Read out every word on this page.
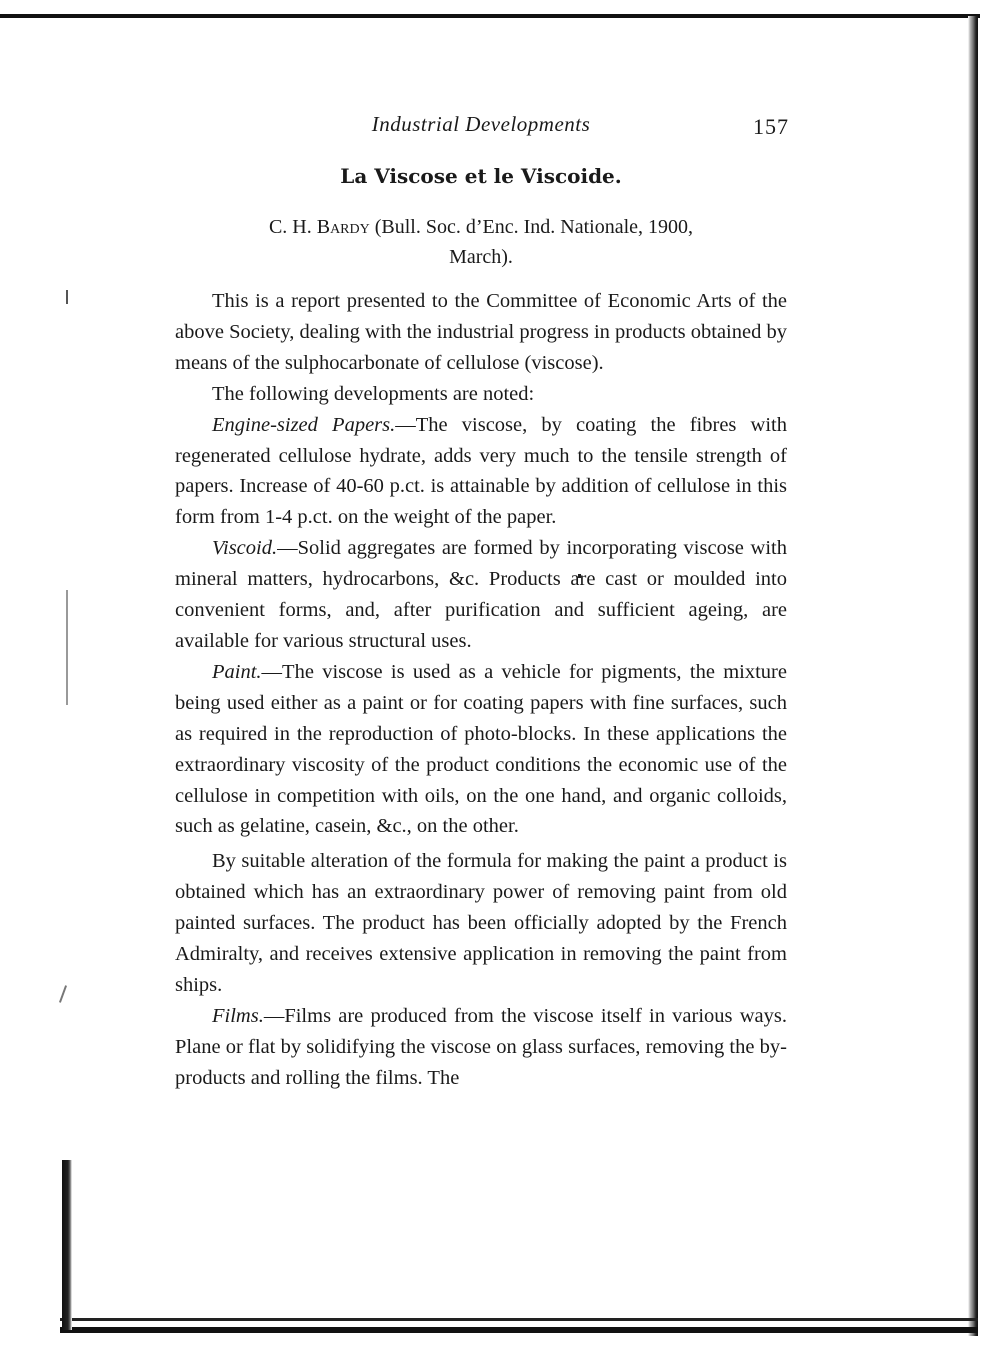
Industrial Developments	157
La Viscose et le Viscoide.
C. H. Bardy (Bull. Soc. d’Enc. Ind. Nationale, 1900,
March).

This is a report presented to the Committee of Economic Arts of the above Society, dealing with the industrial progress in products obtained by means of the sulphocarbonate of cellulose (viscose).

The following developments are noted:

Engine-sized Papers.—The viscose, by coating the fibres with regenerated cellulose hydrate, adds very much to the tensile strength of papers. Increase of 40-60 p.ct. is attainable by addition of cellulose in this form from 1-4 p.ct. on the weight of the paper.

Viscoid.—Solid aggregates are formed by incorporating viscose with mineral matters, hydrocarbons, &c. Products are cast or moulded into convenient forms, and, after purification and sufficient ageing, are available for various structural uses.

Paint.—The viscose is used as a vehicle for pigments, the mixture being used either as a paint or for coating papers with fine surfaces, such as required in the reproduction of photo-blocks. In these applications the extraordinary viscosity of the product conditions the economic use of the cellulose in competition with oils, on the one hand, and organic colloids, such as gelatine, casein, &c., on the other.

By suitable alteration of the formula for making the paint a product is obtained which has an extraordinary power of removing paint from old painted surfaces. The product has been officially adopted by the French Admiralty, and receives extensive application in removing the paint from ships.

Films.—Films are produced from the viscose itself in various ways. Plane or flat by solidifying the viscose on glass surfaces, removing the by-products and rolling the films. The
